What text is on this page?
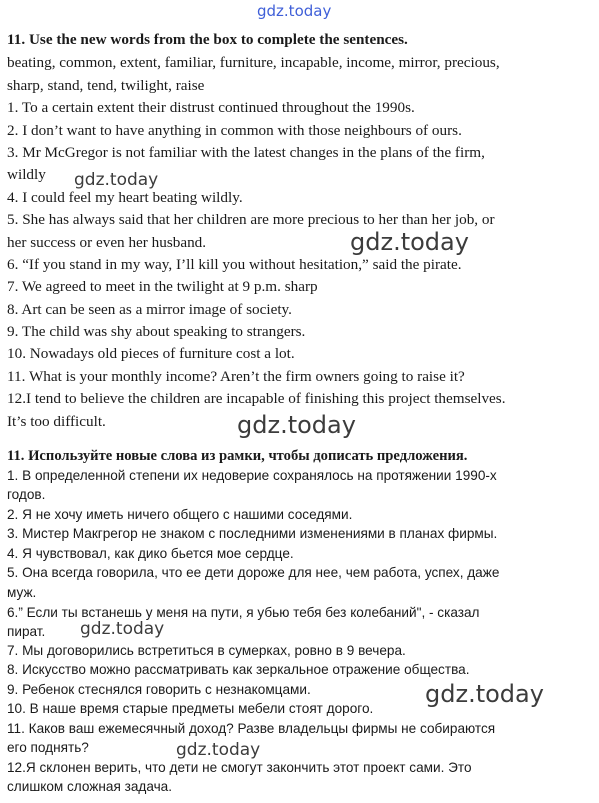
gdz.today
gdz.today
gdz.today
gdz.today
gdz.today
gdz.today
gdz.today
11. Use the new words from the box to complete the sentences.
beating, common, extent, familiar, furniture, incapable, income, mirror, precious,
sharp, stand, tend, twilight, raise
1. To a certain extent their distrust continued throughout the 1990s.
2. I don’t want to have anything in common with those neighbours of ours.
3. Mr McGregor is not familiar with the latest changes in the plans of the firm,
wildly
4. I could feel my heart beating wildly.
5. She has always said that her children are more precious to her than her job, or
her success or even her husband.
6. “If you stand in my way, I’ll kill you without hesitation,” said the pirate.
7. We agreed to meet in the twilight at 9 p.m. sharp
8. Art can be seen as a mirror image of society.
9. The child was shy about speaking to strangers.
10. Nowadays old pieces of furniture cost a lot.
11. What is your monthly income? Aren’t the firm owners going to raise it?
12.I tend to believe the children are incapable of finishing this project themselves.
It’s too difficult.
11. Используйте новые слова из рамки, чтобы дописать предложения.
1. В определенной степени их недоверие сохранялось на протяжении 1990-х
годов.
2. Я не хочу иметь ничего общего с нашими соседями.
3. Мистер Макгрегор не знаком с последними изменениями в планах фирмы.
4. Я чувствовал, как дико бьется мое сердце.
5. Она всегда говорила, что ее дети дороже для нее, чем работа, успех, даже
муж.
6.” Если ты встанешь у меня на пути, я убью тебя без колебаний", - сказал
пират.
7. Мы договорились встретиться в сумерках, ровно в 9 вечера.
8. Искусство можно рассматривать как зеркальное отражение общества.
9. Ребенок стеснялся говорить с незнакомцами.
10. В наше время старые предметы мебели стоят дорого.
11. Каков ваш ежемесячный доход? Разве владельцы фирмы не собираются
его поднять?
12.Я склонен верить, что дети не смогут закончить этот проект сами. Это
слишком сложная задача.
